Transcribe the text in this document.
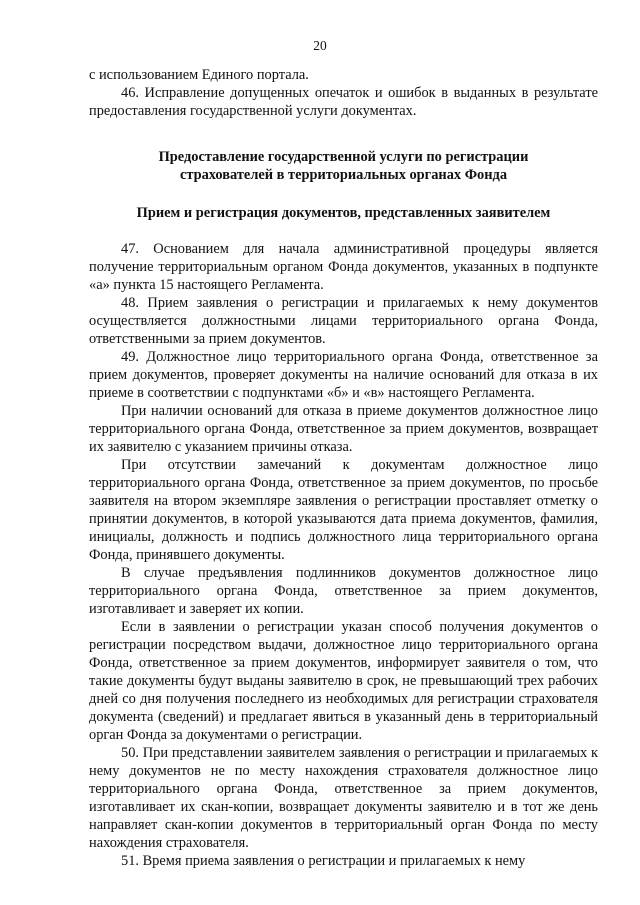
20

с использованием Единого портала.

46. Исправление допущенных опечаток и ошибок в выданных в результате предоставления государственной услуги документах.

Предоставление государственной услуги по регистрации
страхователей в территориальных органах Фонда
Прием и регистрация документов, представленных заявителем

47. Основанием для начала административной процедуры является получение территориальным органом Фонда документов, указанных в подпункте «а» пункта 15 настоящего Регламента.

48. Прием заявления о регистрации и прилагаемых к нему документов осуществляется должностными лицами территориального органа Фонда, ответственными за прием документов.

49. Должностное лицо территориального органа Фонда, ответственное за прием документов, проверяет документы на наличие оснований для отказа в их приеме в соответствии с подпунктами «б» и «в» настоящего Регламента.

При наличии оснований для отказа в приеме документов должностное лицо территориального органа Фонда, ответственное за прием документов, возвращает их заявителю с указанием причины отказа.

При отсутствии замечаний к документам должностное лицо территориального органа Фонда, ответственное за прием документов, по просьбе заявителя на втором экземпляре заявления о регистрации проставляет отметку о принятии документов, в которой указываются дата приема документов, фамилия, инициалы, должность и подпись должностного лица территориального органа Фонда, принявшего документы.

В случае предъявления подлинников документов должностное лицо территориального органа Фонда, ответственное за прием документов, изготавливает и заверяет их копии.

Если в заявлении о регистрации указан способ получения документов о регистрации посредством выдачи, должностное лицо территориального органа Фонда, ответственное за прием документов, информирует заявителя о том, что такие документы будут выданы заявителю в срок, не превышающий трех рабочих дней со дня получения последнего из необходимых для регистрации страхователя документа (сведений) и предлагает явиться в указанный день в территориальный орган Фонда за документами о регистрации.

50. При представлении заявителем заявления о регистрации и прилагаемых к нему документов не по месту нахождения страхователя должностное лицо территориального органа Фонда, ответственное за прием документов, изготавливает их скан-копии, возвращает документы заявителю и в тот же день направляет скан-копии документов в территориальный орган Фонда по месту нахождения страхователя.

51. Время приема заявления о регистрации и прилагаемых к нему
